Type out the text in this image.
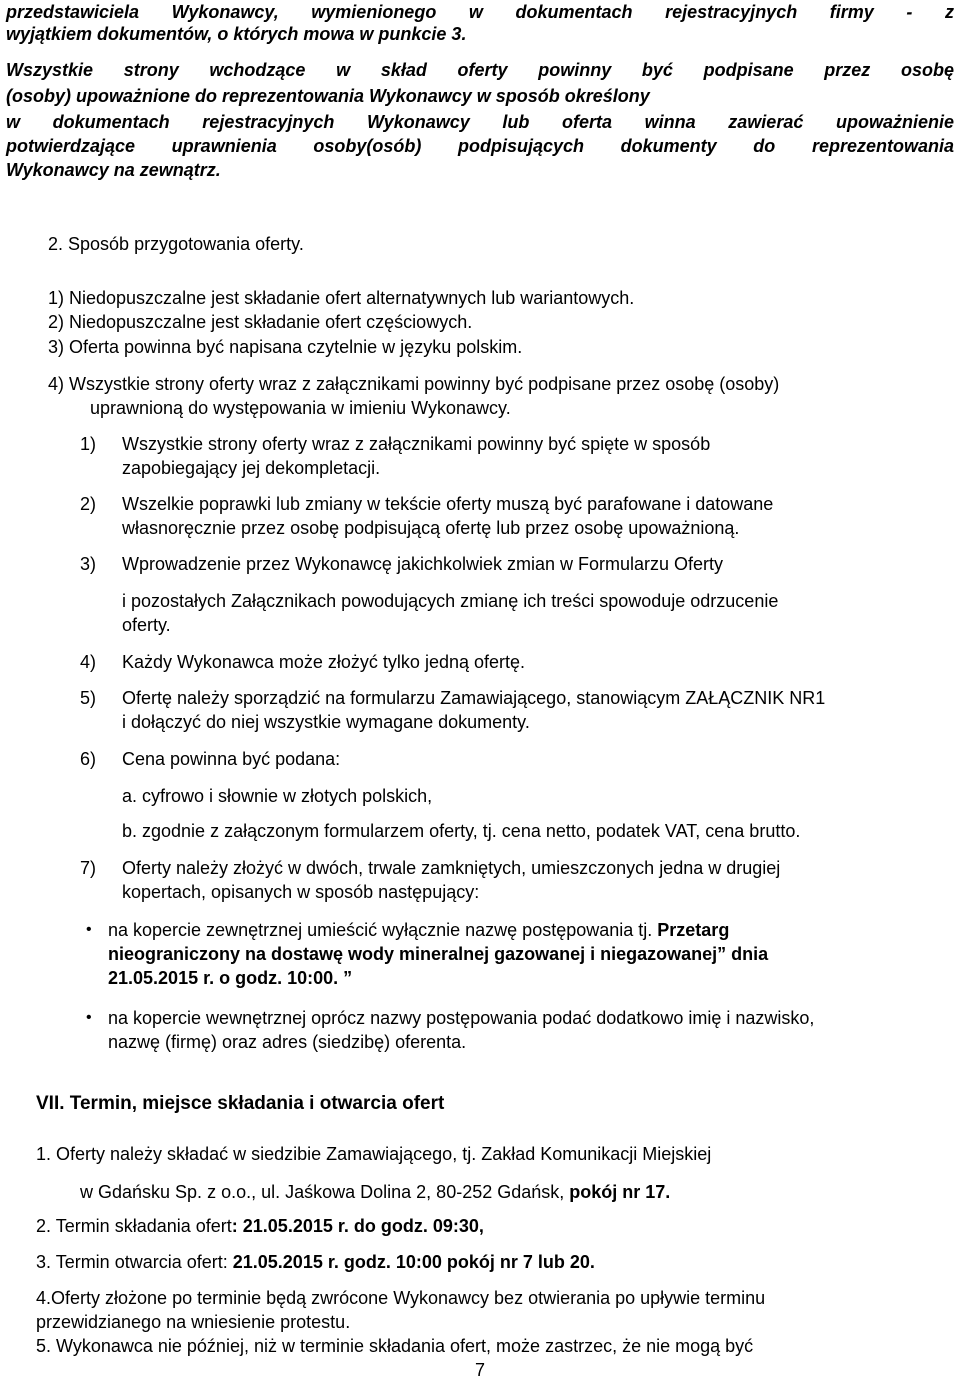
przedstawiciela Wykonawcy, wymienionego w dokumentach rejestracyjnych firmy - z
wyjątkiem dokumentów, o których mowa w punkcie 3.
Wszystkie strony wchodzące w skład oferty powinny być podpisane przez osobę
(osoby) upoważnione do reprezentowania Wykonawcy w sposób określony
w dokumentach rejestracyjnych Wykonawcy lub oferta winna zawierać upoważnienie
potwierdzające uprawnienia osoby(osób) podpisujących dokumenty do reprezentowania
Wykonawcy na zewnątrz.
2. Sposób przygotowania oferty.
1) Niedopuszczalne jest składanie ofert alternatywnych lub wariantowych.
2) Niedopuszczalne jest składanie ofert częściowych.
3) Oferta powinna być napisana czytelnie w języku polskim.
4) Wszystkie strony oferty wraz z załącznikami powinny być podpisane przez osobę (osoby)
uprawnioną do występowania w imieniu Wykonawcy.
1) Wszystkie strony oferty wraz z załącznikami powinny być spięte w sposób
zapobiegający jej dekompletacji.
2) Wszelkie poprawki lub zmiany w tekście oferty muszą być parafowane i datowane
własnoręcznie przez osobę podpisującą ofertę lub przez osobę upoważnioną.
3) Wprowadzenie przez Wykonawcę jakichkolwiek zmian w Formularzu Oferty
i pozostałych Załącznikach powodujących zmianę ich treści spowoduje odrzucenie
oferty.
4) Każdy Wykonawca może złożyć tylko jedną ofertę.
5) Ofertę należy sporządzić na formularzu Zamawiającego, stanowiącym ZAŁĄCZNIK NR1
i dołączyć do niej wszystkie wymagane dokumenty.
6) Cena powinna być podana:
a. cyfrowo i słownie w złotych polskich,
b. zgodnie z załączonym formularzem oferty, tj. cena netto, podatek VAT, cena brutto.
7) Oferty należy złożyć w dwóch, trwale zamkniętych, umieszczonych jedna w drugiej
kopertach, opisanych w sposób następujący:
• na kopercie zewnętrznej umieścić wyłącznie nazwę postępowania tj. Przetarg
nieograniczony na dostawę wody mineralnej gazowanej i niegazowanej” dnia
21.05.2015 r. o godz. 10:00. ”
• na kopercie wewnętrznej oprócz nazwy postępowania podać dodatkowo imię i nazwisko,
nazwę (firmę) oraz adres (siedzibę) oferenta.
VII. Termin, miejsce składania i otwarcia ofert
1. Oferty należy składać w siedzibie Zamawiającego, tj. Zakład Komunikacji Miejskiej
w Gdańsku Sp. z o.o., ul. Jaśkowa Dolina 2, 80-252 Gdańsk, pokój nr 17.
2. Termin składania ofert: 21.05.2015 r. do godz. 09:30,
3. Termin otwarcia ofert: 21.05.2015 r. godz. 10:00 pokój nr 7 lub 20.
4.Oferty złożone po terminie będą zwrócone Wykonawcy bez otwierania po upływie terminu
przewidzianego na wniesienie protestu.
5. Wykonawca nie później, niż w terminie składania ofert, może zastrzec, że nie mogą być
7
